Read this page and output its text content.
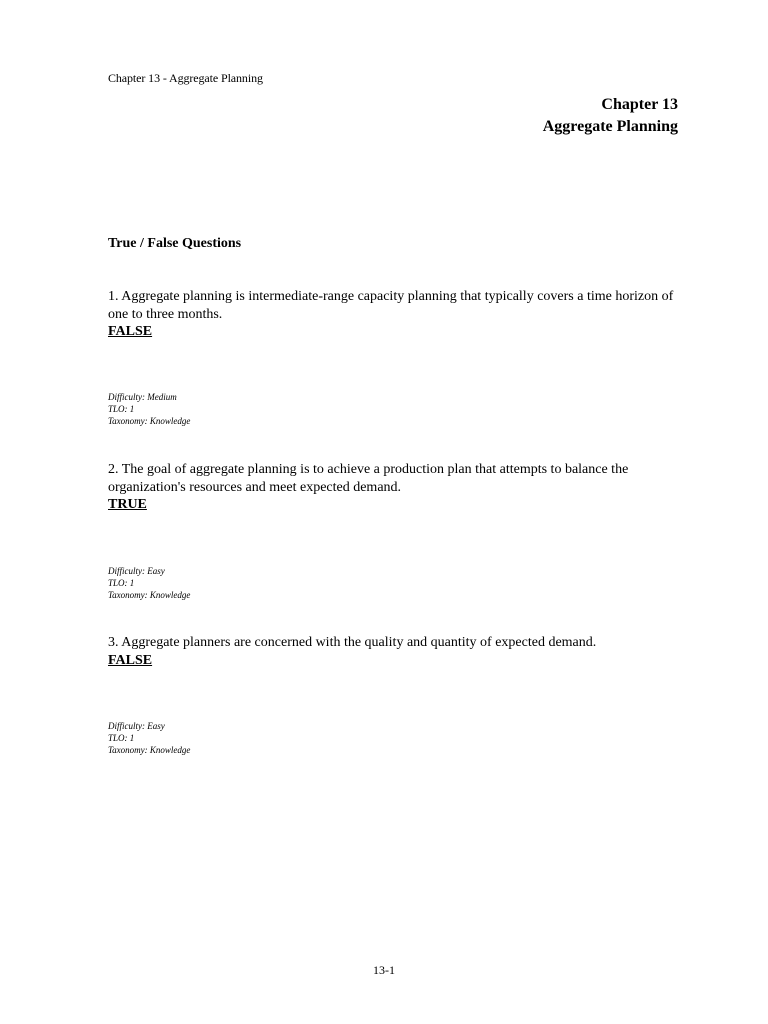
Chapter 13 - Aggregate Planning
Chapter 13
Aggregate Planning
True / False Questions

1. Aggregate planning is intermediate-range capacity planning that typically covers a time horizon of one to three months.

FALSE

Difficulty: Medium
TLO: 1
Taxonomy: Knowledge

2. The goal of aggregate planning is to achieve a production plan that attempts to balance the organization's resources and meet expected demand.

TRUE

Difficulty: Easy
TLO: 1
Taxonomy: Knowledge

3. Aggregate planners are concerned with the quality and quantity of expected demand.

FALSE

Difficulty: Easy
TLO: 1
Taxonomy: Knowledge
13-1
